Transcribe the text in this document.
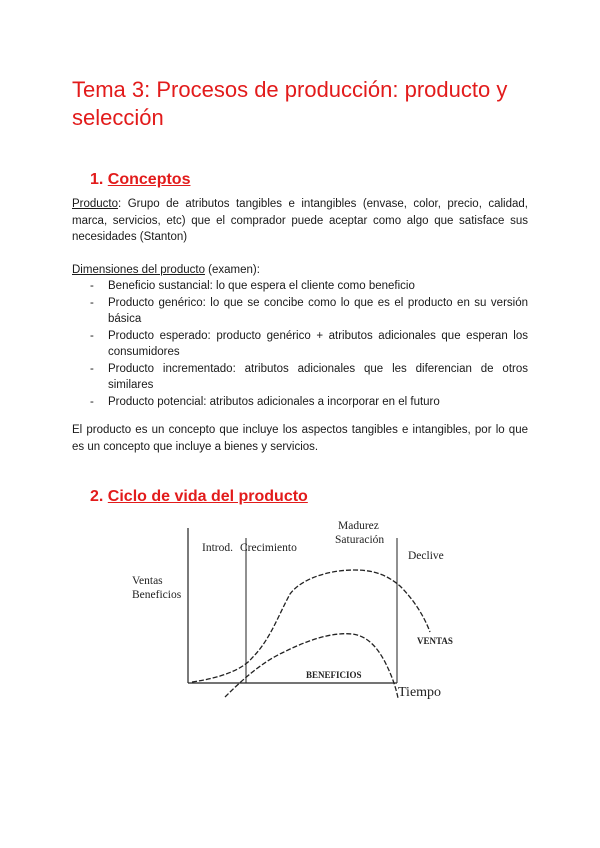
Tema 3: Procesos de producción: producto y selección
1. Conceptos

Producto: Grupo de atributos tangibles e intangibles (envase, color, precio, calidad, marca, servicios, etc) que el comprador puede aceptar como algo que satisface sus necesidades (Stanton)

Dimensiones del producto (examen):

- Beneficio sustancial: lo que espera el cliente como beneficio
- Producto genérico: lo que se concibe como lo que es el producto en su versión básica
- Producto esperado: producto genérico + atributos adicionales que esperan los consumidores
- Producto incrementado: atributos adicionales que les diferencian de otros similares
- Producto potencial: atributos adicionales a incorporar en el futuro

El producto es un concepto que incluye los aspectos tangibles e intangibles, por lo que es un concepto que incluye a bienes y servicios.

2. Ciclo de vida del producto
Ventas
Beneficios
Introd. Crecimiento
Madurez
Saturación
Declive
VENTAS
BENEFICIOS
Tiempo
